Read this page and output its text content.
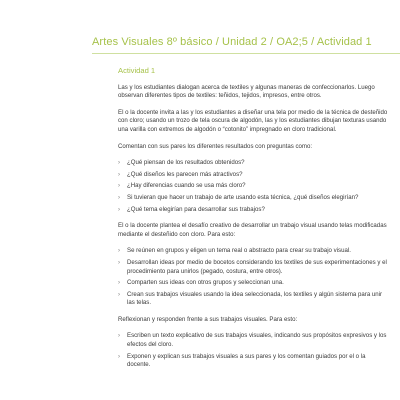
Artes Visuales 8º básico / Unidad 2 / OA2;5 / Actividad 1
Actividad 1

Las y los estudiantes dialogan acerca de textiles y algunas maneras de confeccionarlos. Luego observan diferentes tipos de textiles: teñidos, tejidos, impresos, entre otros.

El o la docente invita a las y los estudiantes a diseñar una tela por medio de la técnica de desteñido con cloro; usando un trozo de tela oscura de algodón, las y los estudiantes dibujan texturas usando una varilla con extremos de algodón o “cotonito” impregnado en cloro tradicional.

Comentan con sus pares los diferentes resultados con preguntas como:

› ¿Qué piensan de los resultados obtenidos?
› ¿Qué diseños les parecen más atractivos?
› ¿Hay diferencias cuando se usa más cloro?
› Si tuvieran que hacer un trabajo de arte usando esta técnica, ¿qué diseños elegirían?
› ¿Qué tema elegirían para desarrollar sus trabajos?

El o la docente plantea el desafío creativo de desarrollar un trabajo visual usando telas modificadas mediante el desteñido con cloro. Para esto:

› Se reúnen en grupos y eligen un tema real o abstracto para crear su trabajo visual.
› Desarrollan ideas por medio de bocetos considerando los textiles de sus experimentaciones y el procedimiento para unirlos (pegado, costura, entre otros).
› Comparten sus ideas con otros grupos y seleccionan una.
› Crean sus trabajos visuales usando la idea seleccionada, los textiles y algún sistema para unir las telas.

Reflexionan y responden frente a sus trabajos visuales. Para esto:

› Escriben un texto explicativo de sus trabajos visuales, indicando sus propósitos expresivos y los efectos del cloro.
› Exponen y explican sus trabajos visuales a sus pares y los comentan guiados por el o la docente.
